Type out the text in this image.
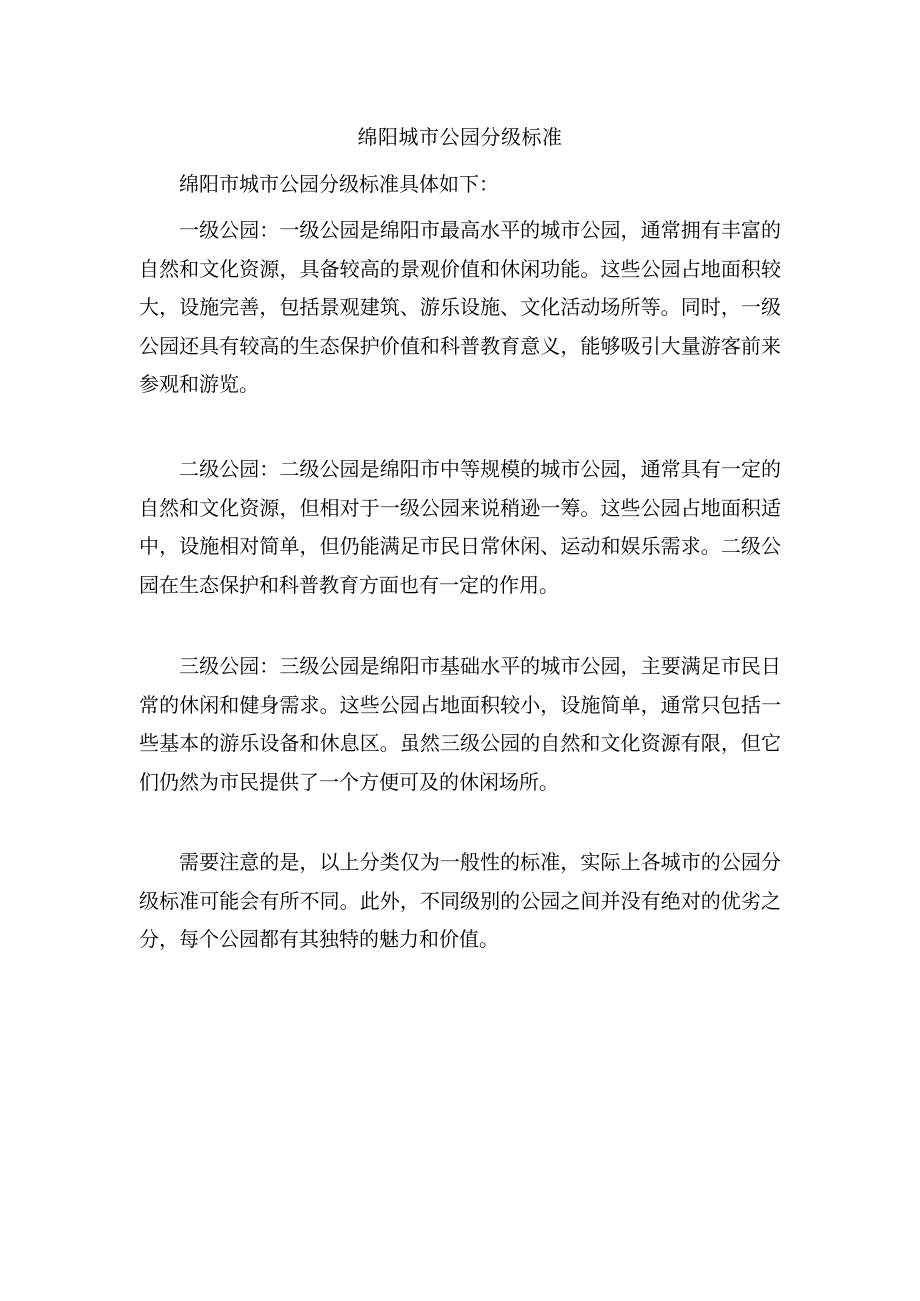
绵阳城市公园分级标准

绵阳市城市公园分级标准具体如下：

一级公园：一级公园是绵阳市最高水平的城市公园，通常拥有丰富的自然和文化资源，具备较高的景观价值和休闲功能。这些公园占地面积较大，设施完善，包括景观建筑、游乐设施、文化活动场所等。同时，一级公园还具有较高的生态保护价值和科普教育意义，能够吸引大量游客前来参观和游览。

二级公园：二级公园是绵阳市中等规模的城市公园，通常具有一定的自然和文化资源，但相对于一级公园来说稍逊一筹。这些公园占地面积适中，设施相对简单，但仍能满足市民日常休闲、运动和娱乐需求。二级公园在生态保护和科普教育方面也有一定的作用。

三级公园：三级公园是绵阳市基础水平的城市公园，主要满足市民日常的休闲和健身需求。这些公园占地面积较小，设施简单，通常只包括一些基本的游乐设备和休息区。虽然三级公园的自然和文化资源有限，但它们仍然为市民提供了一个方便可及的休闲场所。

需要注意的是，以上分类仅为一般性的标准，实际上各城市的公园分级标准可能会有所不同。此外，不同级别的公园之间并没有绝对的优劣之分，每个公园都有其独特的魅力和价值。
